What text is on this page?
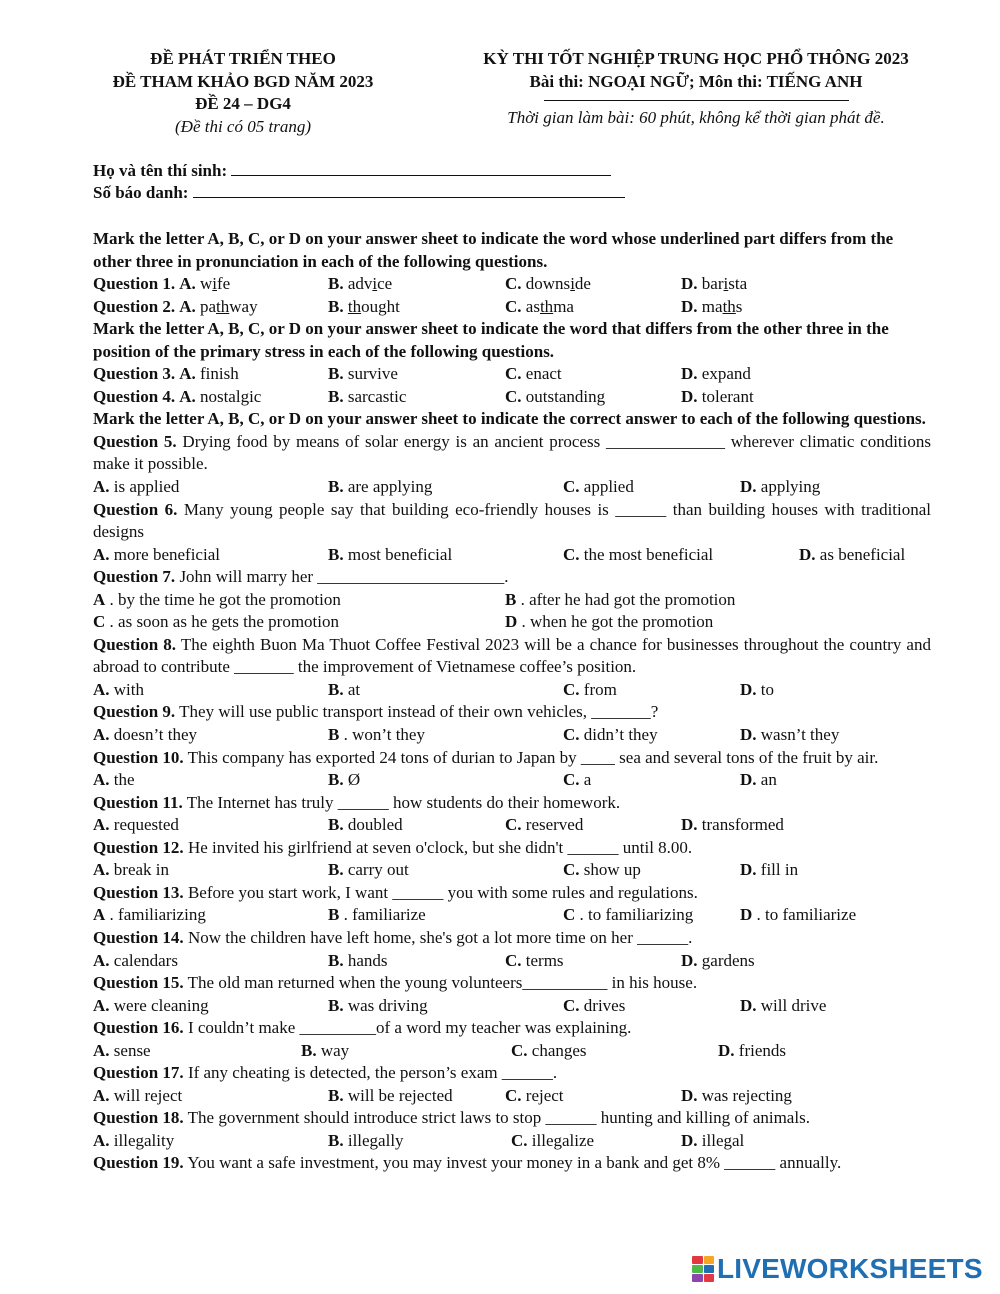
ĐỀ PHÁT TRIỂN THEO
ĐỀ THAM KHẢO BGD NĂM 2023
ĐỀ 24 – DG4
(Đề thi có 05 trang)
KỲ THI TỐT NGHIỆP TRUNG HỌC PHỔ THÔNG 2023
Bài thi: NGOẠI NGỮ; Môn thi: TIẾNG ANH
Thời gian làm bài: 60 phút, không kể thời gian phát đề.
Họ và tên thí sinh:
Số báo danh:
Mark the letter A, B, C, or D on your answer sheet to indicate the word whose underlined part differs from the other three in pronunciation in each of the following questions.
Question 1. A. wife	B. advice	C. downside	D. barista
Question 2. A. pathway	B. thought	C. asthma	D. maths
Mark the letter A, B, C, or D on your answer sheet to indicate the word that differs from the other three in the position of the primary stress in each of the following questions.
Question 3. A. finish	B. survive	C. enact	D. expand
Question 4. A. nostalgic	B. sarcastic	C. outstanding	D. tolerant
Mark the letter A, B, C, or D on your answer sheet to indicate the correct answer to each of the following questions.
Question 5. Drying food by means of solar energy is an ancient process ______________ wherever climatic conditions make it possible.
A. is applied	B. are applying	C. applied	D. applying
Question 6. Many young people say that building eco-friendly houses is ______ than building houses with traditional designs
A. more beneficial	B. most beneficial	C. the most beneficial	D. as beneficial
Question 7. John will marry her ______________________.
A . by the time he got the promotion	B . after he had got the promotion
C . as soon as he gets the promotion	D . when he got the promotion
Question 8. The eighth Buon Ma Thuot Coffee Festival 2023 will be a chance for businesses throughout the country and abroad to contribute _______ the improvement of Vietnamese coffee’s position.
A. with	B. at	C. from	D. to
Question 9. They will use public transport instead of their own vehicles, _______?
A. doesn’t they	B . won’t they	C. didn’t they	D. wasn’t they
Question 10. This company has exported 24 tons of durian to Japan by ____ sea and several tons of the fruit by air.
A. the	B. Ø	C. a	D. an
Question 11. The Internet has truly ______ how students do their homework.
A. requested	B. doubled	C. reserved	D. transformed
Question 12. He invited his girlfriend at seven o'clock, but she didn't ______ until 8.00.
A. break in	B. carry out	C. show up	D. fill in
Question 13. Before you start work, I want ______ you with some rules and regulations.
A . familiarizing	B . familiarize	C . to familiarizing	D . to familiarize
Question 14. Now the children have left home, she's got a lot more time on her ______.
A. calendars	B. hands	C. terms	D. gardens
Question 15. The old man returned when the young volunteers__________ in his house.
A. were cleaning	B. was driving	C. drives	D. will drive
Question 16. I couldn’t make _________of a word my teacher was explaining.
A. sense	B. way	C. changes	D. friends
Question 17. If any cheating is detected, the person’s exam ______.
A. will reject	B. will be rejected	C. reject	D. was rejecting
Question 18. The government should introduce strict laws to stop ______ hunting and killing of animals.
A. illegality	B. illegally	C. illegalize	D. illegal
Question 19. You want a safe investment, you may invest your money in a bank and get 8% ______ annually.
LIVEWORKSHEETS
